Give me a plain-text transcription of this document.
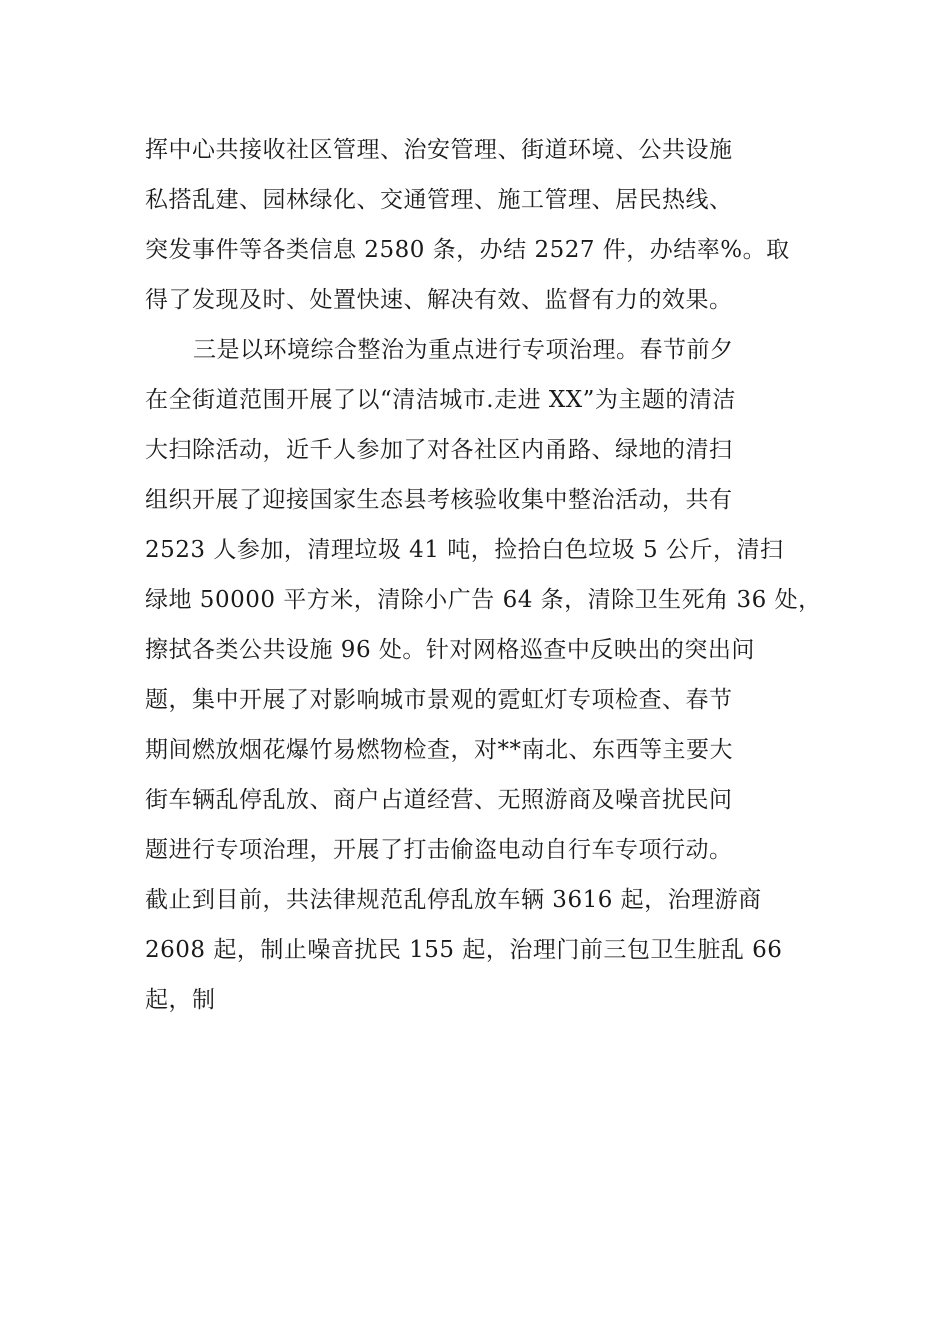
挥中心共接收社区管理、治安管理、街道环境、公共设施
私搭乱建、园林绿化、交通管理、施工管理、居民热线、
突发事件等各类信息 2580 条，办结 2527 件，办结率%。取
得了发现及时、处置快速、解决有效、监督有力的效果。
三是以环境综合整治为重点进行专项治理。春节前夕
在全街道范围开展了以“清洁城市.走进 XX”为主题的清洁
大扫除活动，近千人参加了对各社区内甬路、绿地的清扫
组织开展了迎接国家生态县考核验收集中整治活动，共有
2523 人参加，清理垃圾 41 吨，捡拾白色垃圾 5 公斤，清扫
绿地 50000 平方米，清除小广告 64 条，清除卫生死角 36 处，
擦拭各类公共设施 96 处。针对网格巡查中反映出的突出问
题，集中开展了对影响城市景观的霓虹灯专项检查、春节
期间燃放烟花爆竹易燃物检查，对**南北、东西等主要大
街车辆乱停乱放、商户占道经营、无照游商及噪音扰民问
题进行专项治理，开展了打击偷盗电动自行车专项行动。
截止到目前，共法律规范乱停乱放车辆 3616 起，治理游商
2608 起，制止噪音扰民 155 起，治理门前三包卫生脏乱 66
起，制
